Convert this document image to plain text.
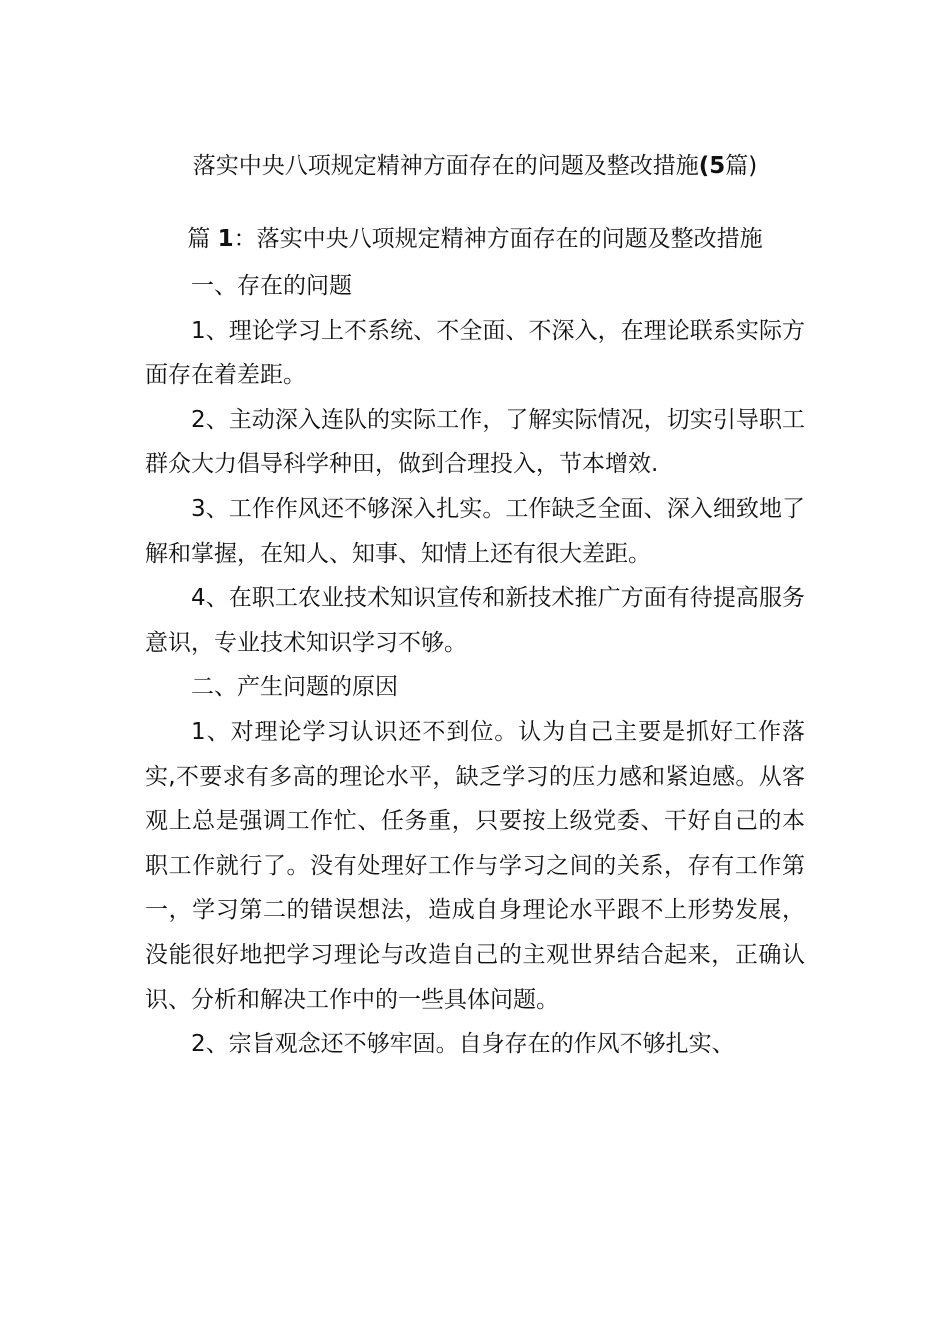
落实中央八项规定精神方面存在的问题及整改措施(5篇)
篇 1：落实中央八项规定精神方面存在的问题及整改措施

一、存在的问题

1、理论学习上不系统、不全面、不深入，在理论联系实际方面存在着差距。

2、主动深入连队的实际工作，了解实际情况，切实引导职工群众大力倡导科学种田，做到合理投入，节本增效.

3、工作作风还不够深入扎实。工作缺乏全面、深入细致地了解和掌握，在知人、知事、知情上还有很大差距。

4、在职工农业技术知识宣传和新技术推广方面有待提高服务意识，专业技术知识学习不够。

二、产生问题的原因

1、对理论学习认识还不到位。认为自己主要是抓好工作落实,不要求有多高的理论水平，缺乏学习的压力感和紧迫感。从客观上总是强调工作忙、任务重，只要按上级党委、干好自己的本职工作就行了。没有处理好工作与学习之间的关系，存有工作第一，学习第二的错误想法，造成自身理论水平跟不上形势发展，没能很好地把学习理论与改造自己的主观世界结合起来，正确认识、分析和解决工作中的一些具体问题。

2、宗旨观念还不够牢固。自身存在的作风不够扎实、
